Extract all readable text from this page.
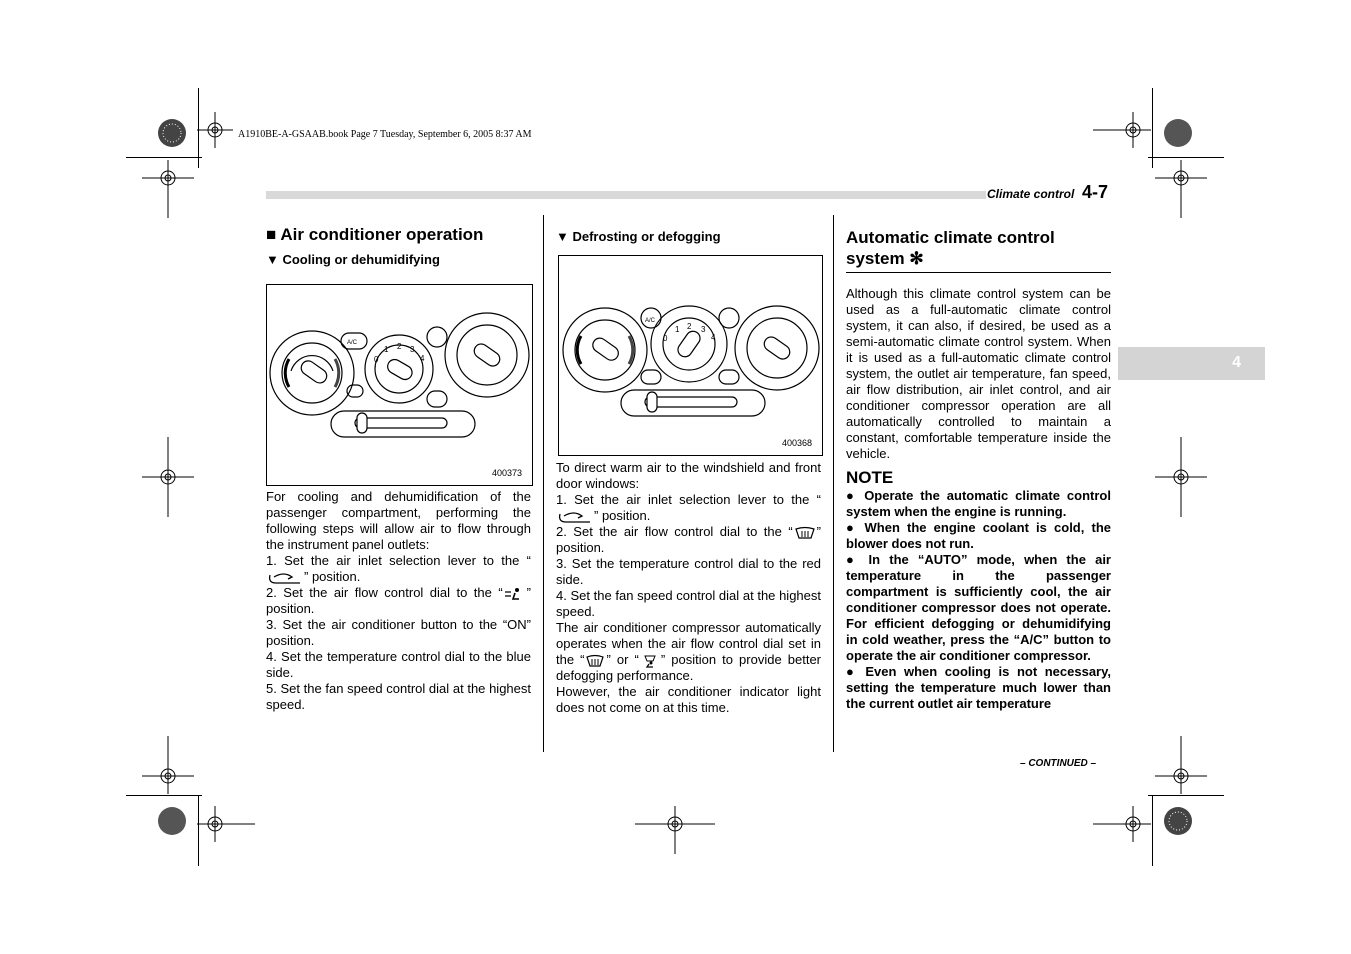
A1910BE-A-GSAAB.book Page 7 Tuesday, September 6, 2005 8:37 AM
Climate control 4-7
4
■ Air conditioner operation
▼ Cooling or dehumidifying
0
1 2 3
4
A/C
400373

For cooling and dehumidification of the passenger compartment, performing the following steps will allow air to flow through the instrument panel outlets:

1. Set the air inlet selection lever to the “” position.

2. Set the air flow control dial to the “ ” position.

3. Set the air conditioner button to the “ON” position.

4. Set the temperature control dial to the blue side.

5. Set the fan speed control dial at the highest speed.

▼ Defrosting or defogging
0
1 2 3
4
A/C
400368

To direct warm air to the windshield and front door windows:

1. Set the air inlet selection lever to the “” position.

2. Set the air flow control dial to the “ ” position.

3. Set the temperature control dial to the red side.

4. Set the fan speed control dial at the highest speed.

The air conditioner compressor automatically operates when the air flow control dial set in the “ ” or “ ” position to provide better defogging performance.

However, the air conditioner indicator light does not come on at this time.

Automatic climate control system ✻

Although this climate control system can be used as a full-automatic climate control system, it can also, if desired, be used as a semi-automatic climate control system. When it is used as a full-automatic climate control system, the outlet air temperature, fan speed, air flow distribution, air inlet control, and air conditioner compressor operation are all automatically controlled to maintain a constant, comfortable temperature inside the vehicle.

NOTE

● Operate the automatic climate control system when the engine is running.

● When the engine coolant is cold, the blower does not run.

● In the “AUTO” mode, when the air temperature in the passenger compartment is sufficiently cool, the air conditioner compressor does not operate. For efficient defogging or dehumidifying in cold weather, press the “A/C” button to operate the air conditioner compressor.

● Even when cooling is not necessary, setting the temperature much lower than the current outlet air temperature

– CONTINUED –
